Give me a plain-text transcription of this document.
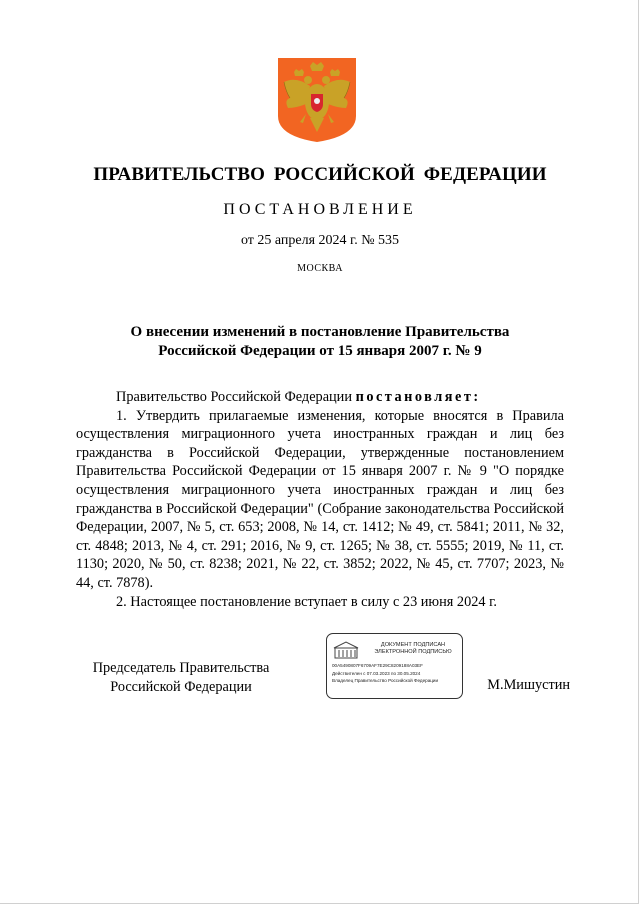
ПРАВИТЕЛЬСТВО РОССИЙСКОЙ ФЕДЕРАЦИИ
ПОСТАНОВЛЕНИЕ
от 25 апреля 2024 г. № 535
МОСКВА
О внесении изменений в постановление Правительства
Российской Федерации от 15 января 2007 г. № 9

Правительство Российской Федерации постановляет:

1. Утвердить прилагаемые изменения, которые вносятся в Правила осуществления миграционного учета иностранных граждан и лиц без гражданства в Российской Федерации, утвержденные постановлением Правительства Российской Федерации от 15 января 2007 г. № 9 "О порядке осуществления миграционного учета иностранных граждан и лиц без гражданства в Российской Федерации" (Собрание законодательства Российской Федерации, 2007, № 5, ст. 653; 2008, № 14, ст. 1412; № 49, ст. 5841; 2011, № 32, ст. 4848; 2013, № 4, ст. 291; 2016, № 9, ст. 1265; № 38, ст. 5555; 2019, № 11, ст. 1130; 2020, № 50, ст. 8238; 2021, № 22, ст. 3852; 2022, № 45, ст. 7707; 2023, № 44, ст. 7878).

2. Настоящее постановление вступает в силу с 23 июня 2024 г.

Председатель Правительства
Российской Федерации
ДОКУМЕНТ ПОДПИСАН
ЭЛЕКТРОННОЙ ПОДПИСЬЮ
00A5490807F6709AF7E29C8209188A03EF
Действителен с 07.03.2023 по 30.05.2024
Владелец Правительство Российской Федерации	М.Мишустин
